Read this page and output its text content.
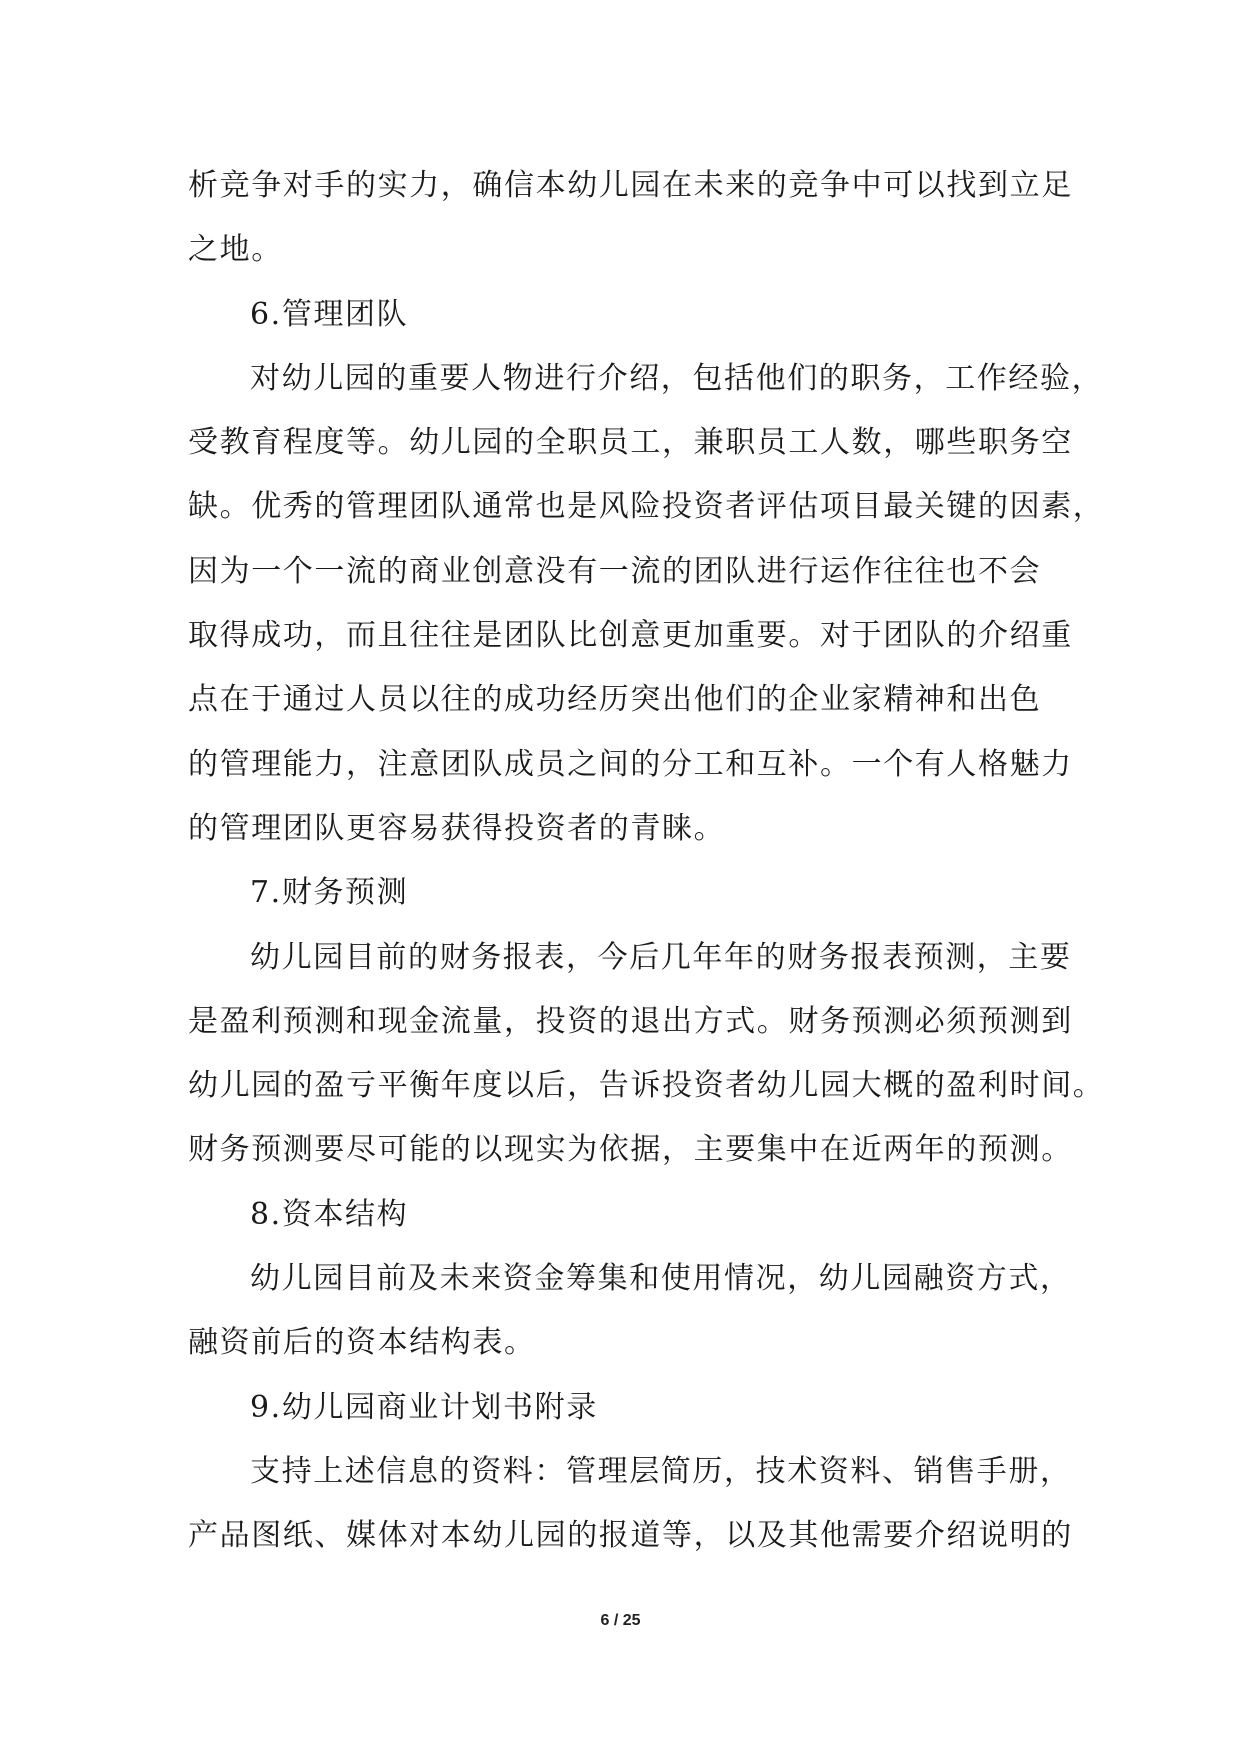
析竞争对手的实力，确信本幼儿园在未来的竞争中可以找到立足
之地。
6.管理团队
对幼儿园的重要人物进行介绍，包括他们的职务，工作经验，
受教育程度等。幼儿园的全职员工，兼职员工人数，哪些职务空
缺。优秀的管理团队通常也是风险投资者评估项目最关键的因素，
因为一个一流的商业创意没有一流的团队进行运作往往也不会
取得成功，而且往往是团队比创意更加重要。对于团队的介绍重
点在于通过人员以往的成功经历突出他们的企业家精神和出色
的管理能力，注意团队成员之间的分工和互补。一个有人格魅力
的管理团队更容易获得投资者的青睐。
7.财务预测
幼儿园目前的财务报表，今后几年年的财务报表预测，主要
是盈利预测和现金流量，投资的退出方式。财务预测必须预测到
幼儿园的盈亏平衡年度以后，告诉投资者幼儿园大概的盈利时间。
财务预测要尽可能的以现实为依据，主要集中在近两年的预测。
8.资本结构
幼儿园目前及未来资金筹集和使用情况，幼儿园融资方式，
融资前后的资本结构表。
9.幼儿园商业计划书附录
支持上述信息的资料：管理层简历，技术资料、销售手册，
产品图纸、媒体对本幼儿园的报道等，以及其他需要介绍说明的
6 / 25
